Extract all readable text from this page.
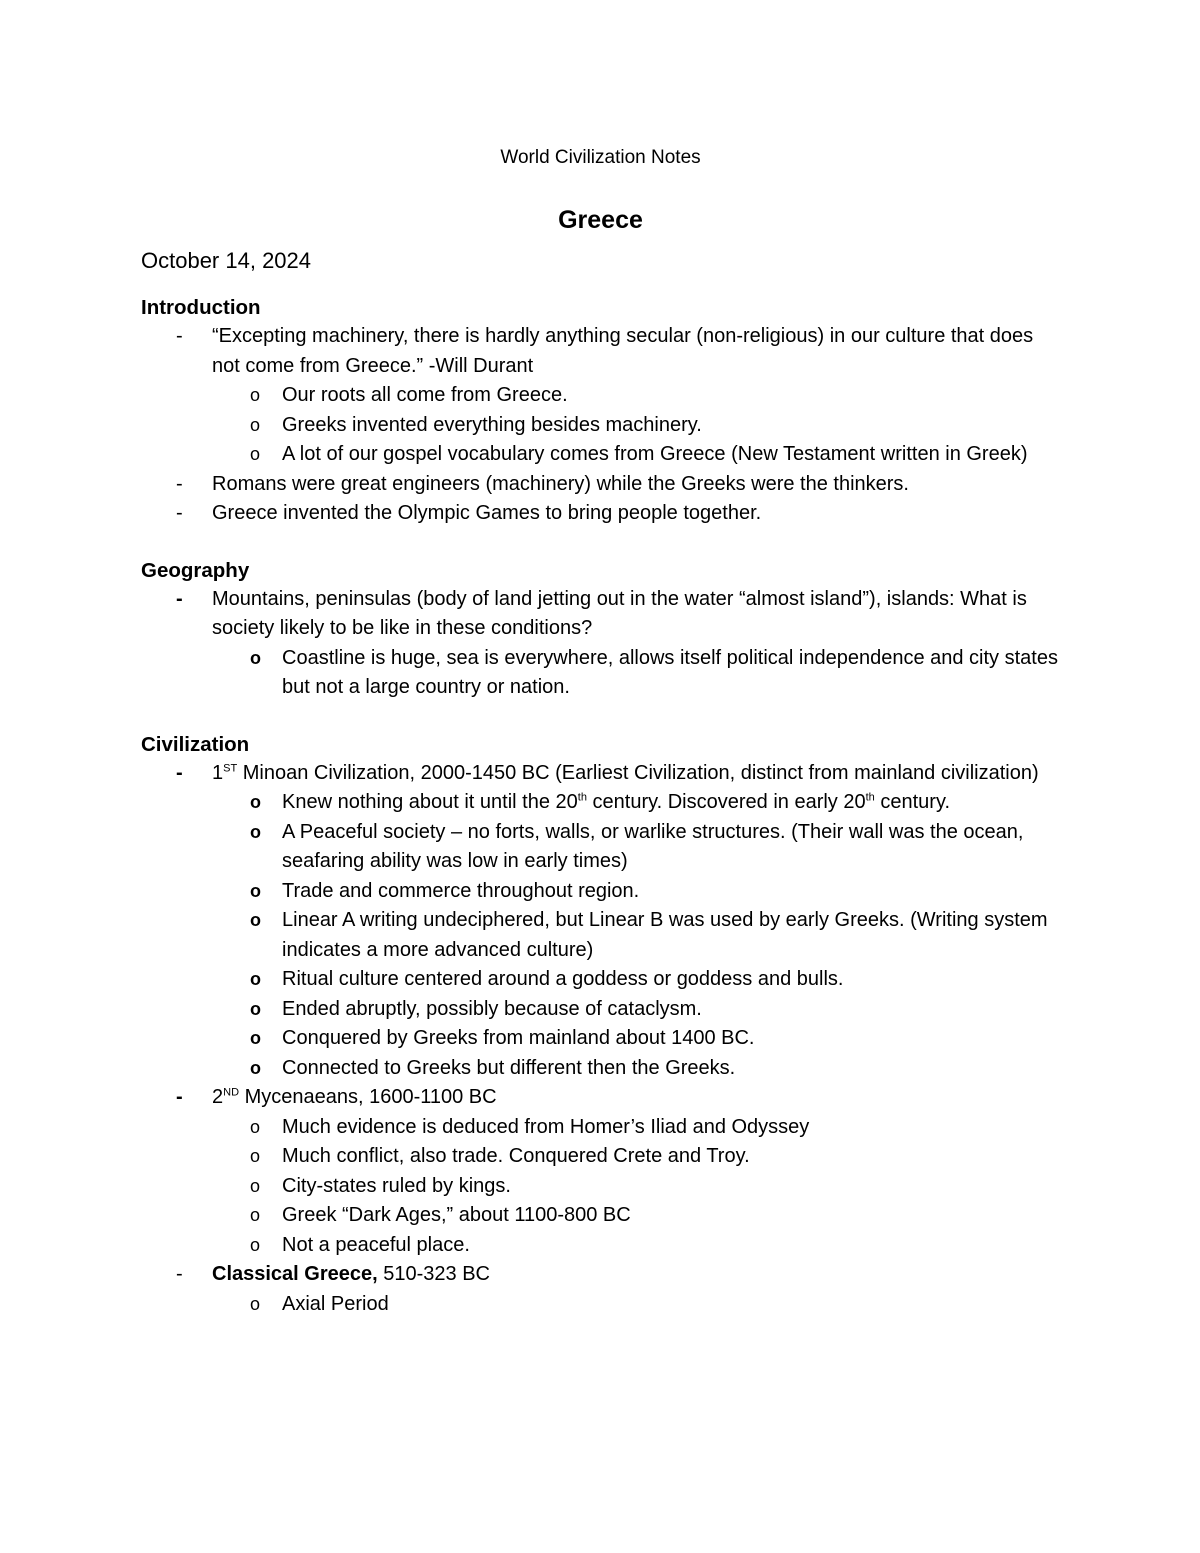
World Civilization Notes
Greece
October 14, 2024
Introduction
- “Excepting machinery, there is hardly anything secular (non-religious) in our culture that does not come from Greece.” -Will Durant
o Our roots all come from Greece.
o Greeks invented everything besides machinery.
o A lot of our gospel vocabulary comes from Greece (New Testament written in Greek)
- Romans were great engineers (machinery) while the Greeks were the thinkers.
- Greece invented the Olympic Games to bring people together.
Geography
- Mountains, peninsulas (body of land jetting out in the water “almost island”), islands: What is society likely to be like in these conditions?
o Coastline is huge, sea is everywhere, allows itself political independence and city states but not a large country or nation.
Civilization
- 1ST Minoan Civilization, 2000-1450 BC (Earliest Civilization, distinct from mainland civilization)
o Knew nothing about it until the 20th century. Discovered in early 20th century.
o A Peaceful society – no forts, walls, or warlike structures. (Their wall was the ocean, seafaring ability was low in early times)
o Trade and commerce throughout region.
o Linear A writing undeciphered, but Linear B was used by early Greeks. (Writing system indicates a more advanced culture)
o Ritual culture centered around a goddess or goddess and bulls.
o Ended abruptly, possibly because of cataclysm.
o Conquered by Greeks from mainland about 1400 BC.
o Connected to Greeks but different then the Greeks.
- 2ND Mycenaeans, 1600-1100 BC
o Much evidence is deduced from Homer’s Iliad and Odyssey
o Much conflict, also trade. Conquered Crete and Troy.
o City-states ruled by kings.
o Greek “Dark Ages,” about 1100-800 BC
o Not a peaceful place.
- Classical Greece, 510-323 BC
o Axial Period
